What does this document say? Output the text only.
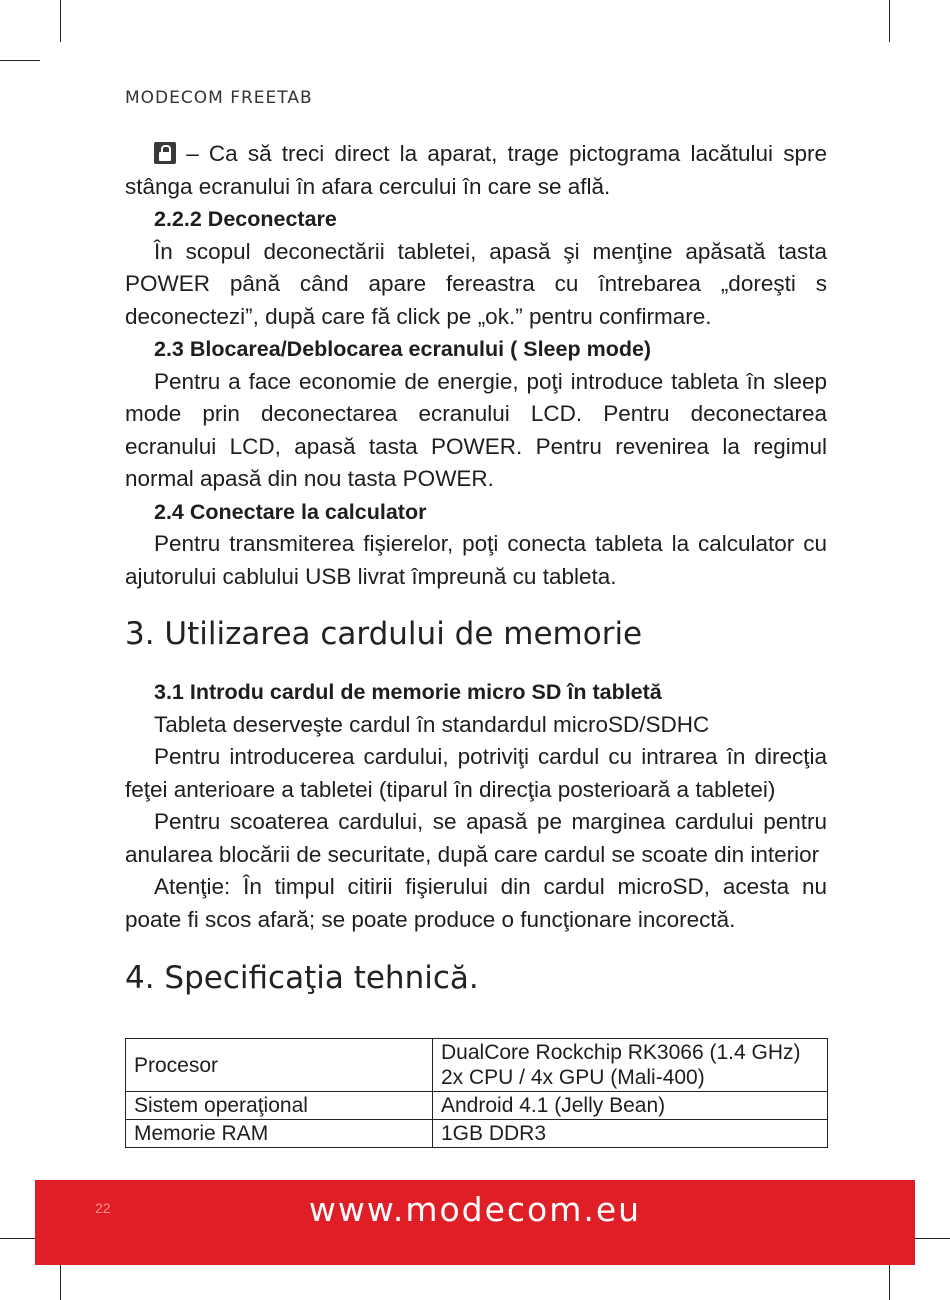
MODECOM FREETAB

– Ca să treci direct la aparat, trage pictograma lacătului spre stânga ecranului în afara cercului în care se află.

2.2.2 Deconectare

În scopul deconectării tabletei, apasă şi menţine apăsată tasta POWER până când apare fereastra cu întrebarea „doreşti s deconectezi”, după care fă click pe „ok.” pentru confirmare.

2.3 Blocarea/Deblocarea ecranului ( Sleep mode)

Pentru a face economie de energie, poţi introduce tableta în sleep mode prin deconectarea ecranului LCD. Pentru deconectarea ecranului LCD, apasă tasta POWER. Pentru revenirea la regimul normal apasă din nou tasta POWER.

2.4 Conectare la calculator

Pentru transmiterea fişierelor, poţi conecta tableta la calculator cu ajutorului cablului USB livrat împreună cu tableta.

3. Utilizarea cardului de memorie
3.1 Introdu cardul de memorie micro SD în tabletă

Tableta deserveşte cardul în standardul microSD/SDHC

Pentru introducerea cardului, potriviţi cardul cu intrarea în direcţia feţei anterioare a tabletei (tiparul în direcţia posterioară a tabletei)

Pentru scoaterea cardului, se apasă pe marginea cardului pentru anularea blocării de securitate, după care cardul se scoate din interior

Atenţie: În timpul citirii fişierului din cardul microSD, acesta nu poate fi scos afară; se poate produce o funcţionare incorectă.

4. Specificaţia tehnică.
Procesor	DualCore Rockchip RK3066 (1.4 GHz) 2x CPU / 4x GPU (Mali-400)
Sistem operaţional	Android 4.1 (Jelly Bean)
Memorie RAM	1GB DDR3
22	www.modecom.eu
